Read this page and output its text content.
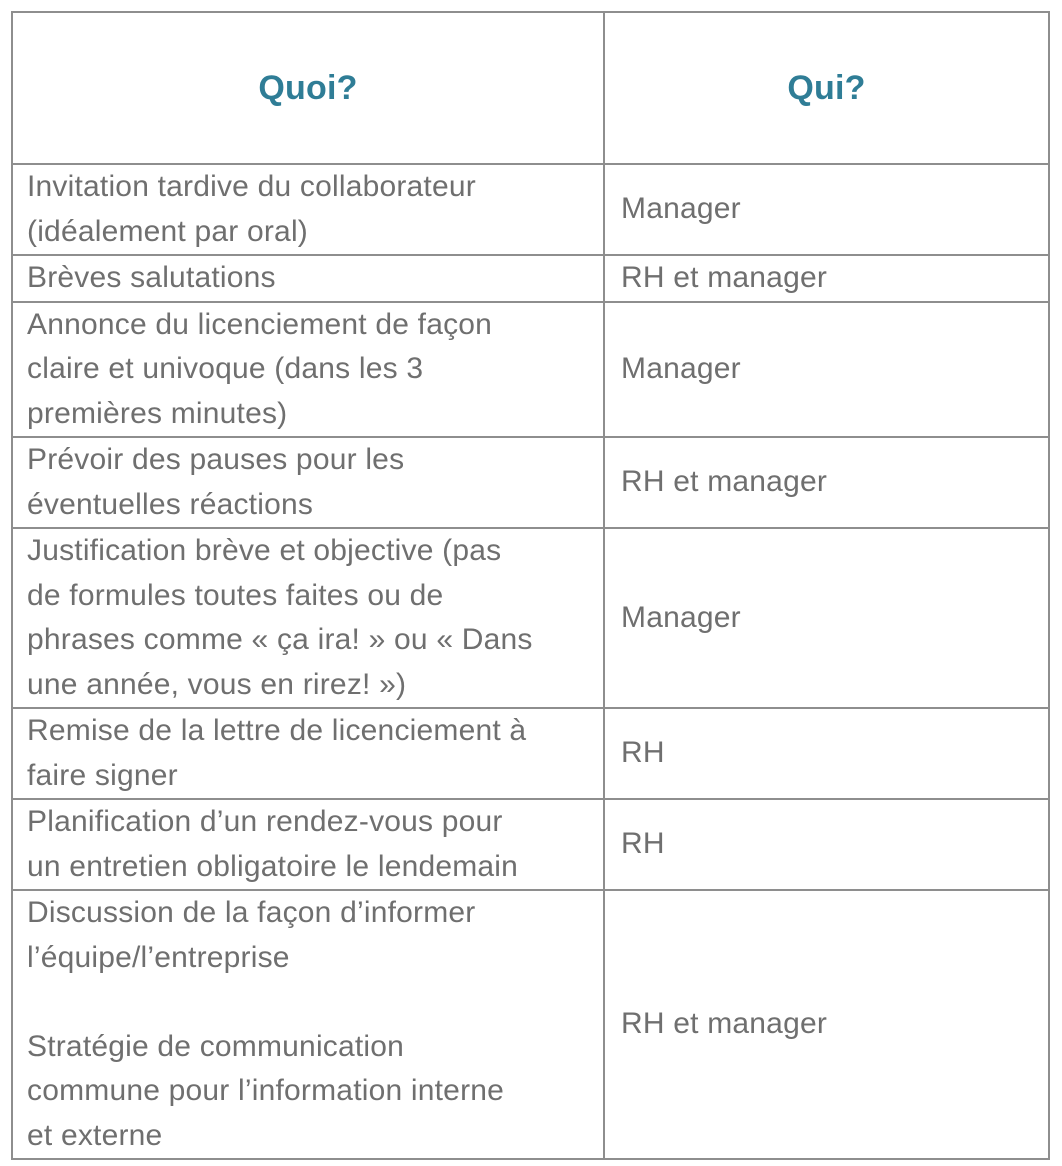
Quoi?	Qui?

Invitation tardive du collaborateur
(idéalement par oral)	Manager

Brèves salutations	RH et manager

Annonce du licenciement de façon
claire et univoque (dans les 3
premières minutes)	Manager

Prévoir des pauses pour les
éventuelles réactions	RH et manager

Justification brève et objective (pas
de formules toutes faites ou de
phrases comme « ça ira! » ou « Dans
une année, vous en rirez! »)	Manager

Remise de la lettre de licenciement à
faire signer	RH

Planification d’un rendez-vous pour
un entretien obligatoire le lendemain	RH

Discussion de la façon d’informer
l’équipe/l’entreprise
Stratégie de communication
commune pour l’information interne
et externe	RH et manager
